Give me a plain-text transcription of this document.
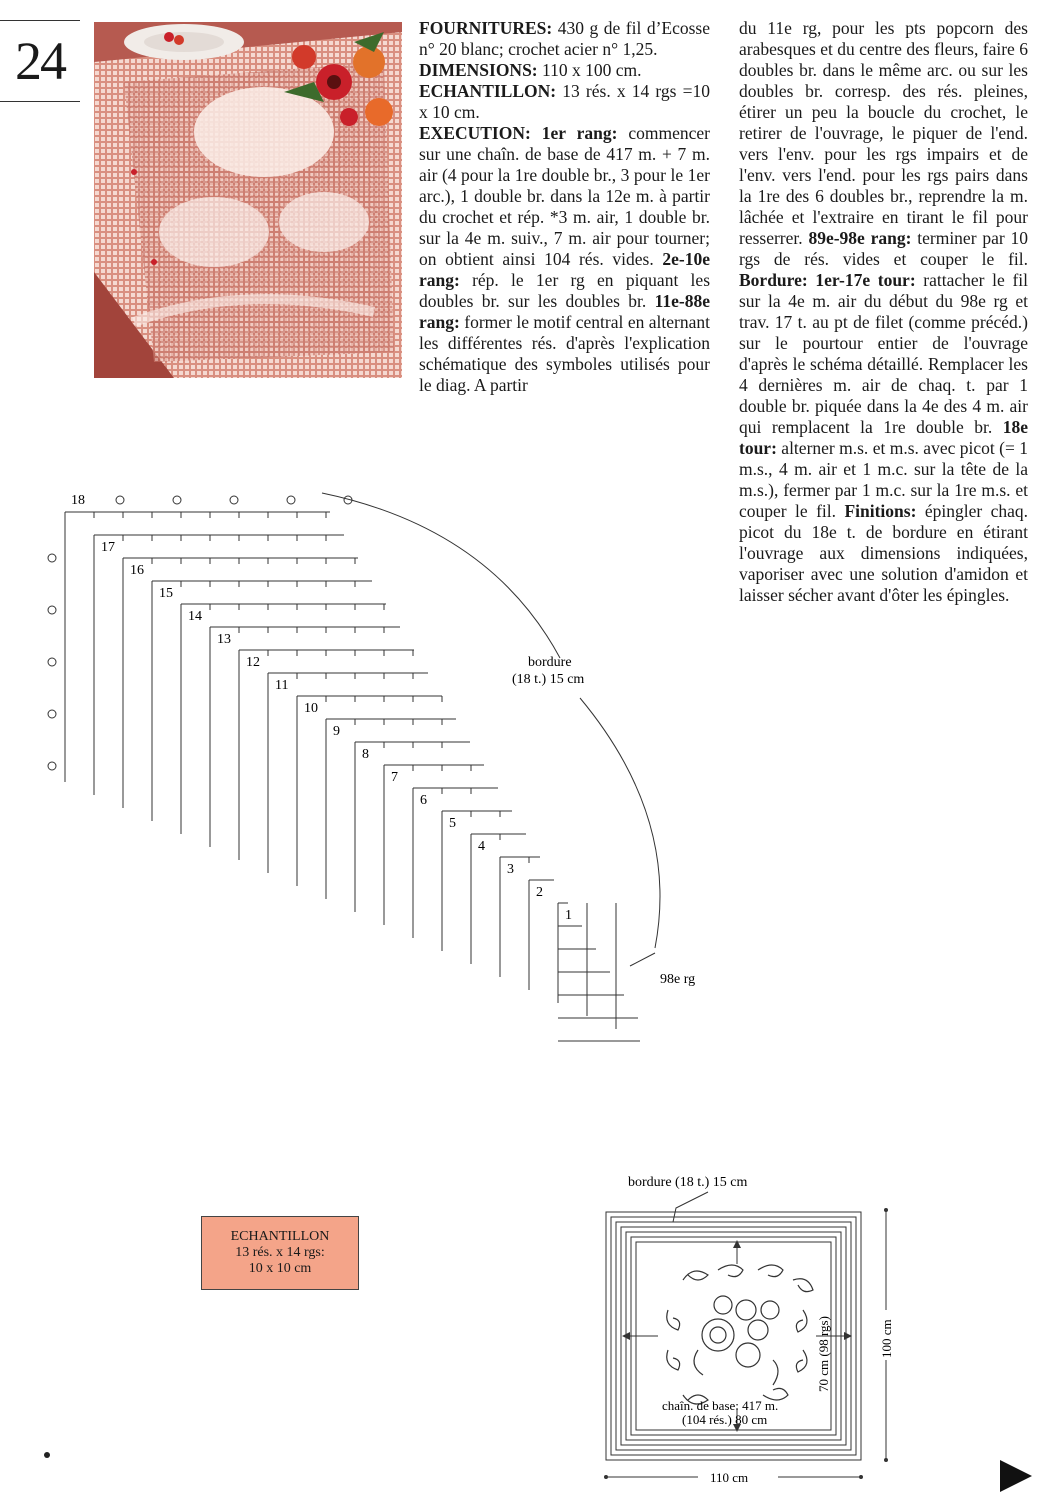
24

FOURNITURES: 430 g de fil d’Ecosse n° 20 blanc; crochet acier n° 1,25.

DIMENSIONS: 110 x 100 cm.

ECHANTILLON: 13 rés. x 14 rgs =10 x 10 cm.

EXECUTION: 1er rang: commencer sur une chaîn. de base de 417 m. + 7 m. air (4 pour la 1re double br., 3 pour le 1er arc.), 1 double br. dans la 12e m. à partir du crochet et rép. *3 m. air, 1 double br. sur la 4e m. suiv., 7 m. air pour tourner; on obtient ainsi 104 rés. vides. 2e-10e rang: rép. le 1er rg en piquant les doubles br. sur les doubles br. 11e-88e rang: former le motif central en alternant les différentes rés. d'après l'explication schématique des symboles utilisés pour le diag. A partir

du 11e rg, pour les pts popcorn des arabesques et du centre des fleurs, faire 6 doubles br. dans le même arc. ou sur les doubles br. corresp. des rés. pleines, étirer un peu la boucle du crochet, le retirer de l'ouvrage, le piquer de l'end. vers l'env. pour les rgs impairs et de l'env. vers l'end. pour les rgs pairs dans la 1re des 6 doubles br., reprendre la m. lâchée et l'extraire en tirant le fil pour resserrer. 89e-98e rang: terminer par 10 rgs de rés. vides et couper le fil. Bordure: 1er-17e tour: rattacher le fil sur la 4e m. air du début du 98e rg et trav. 17 t. au pt de filet (comme précéd.) sur le pourtour entier de l'ouvrage d'après le schéma détaillé. Remplacer les 4 dernières m. air de chaq. t. par 1 double br. piquée dans la 4e des 4 m. air qui remplacent la 1re double br. 18e tour: alterner m.s. et m.s. avec picot (= 1 m.s., 4 m. air et 1 m.c. sur la tête de la m.s.), fermer par 1 m.c. sur la 1re m.s. et couper le fil. Finitions: épingler chaq. picot du 18e t. de bordure en étirant l'ouvrage aux dimensions indiquées, vaporiser avec une solution d'amidon et laisser sécher avant d'ôter les épingles.

18
17
16
15
14
13
12
11
10
9
8
7
6
5
4
3
2
1
bordure
(18 t.) 15 cm
98e rg
ECHANTILLON
13 rés. x 14 rgs:
10 x 10 cm
bordure (18 t.) 15 cm
chaîn. de base: 417 m.
(104 rés.) 80 cm
70 cm (98 rgs)	100 cm
110 cm
